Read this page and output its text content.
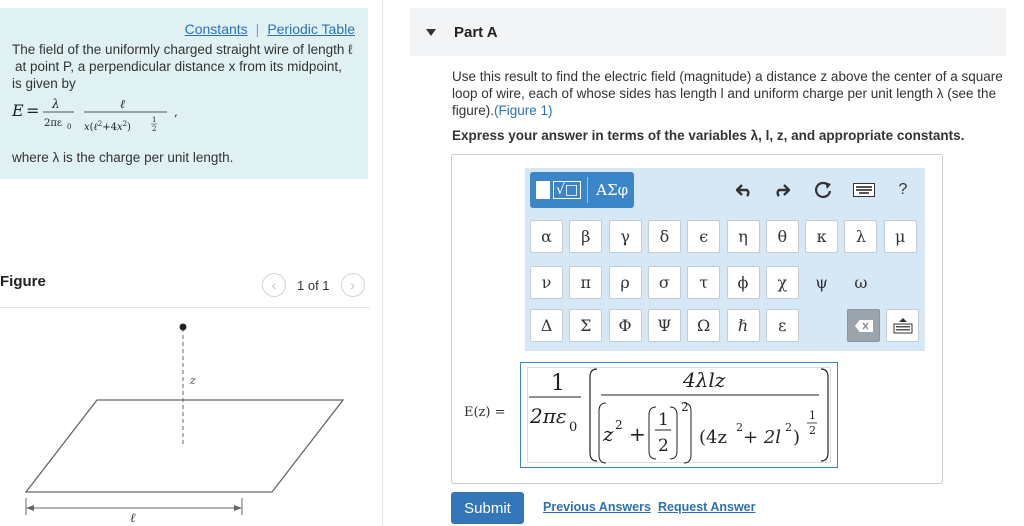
Constants | Periodic Table
The field of the uniformly charged straight wire of length ℓ
at point P, a perpendicular distance x from its midpoint,
is given by
E = λ
2πε 0
ℓ
$x(\ell^2+4x^2)$
1
2
,
where λ is the charge per unit length.
Figure	‹	1 of 1	›
z
ℓ
Part A
Use this result to find the electric field (magnitude) a distance z above the center of a square loop of wire, each of whose sides has length l and uniform charge per unit length λ (see the figure).(Figure 1)
Express your answer in terms of the variables λ, l, z, and appropriate constants.
√□ ΑΣφ	?
α	β	γ	δ	ϵ	η	θ	κ	λ	μ
ν	π	ρ	σ	τ	ϕ	χ	ψ	ω
Δ	Σ	Φ	Ψ	Ω	ℏ	ε
E(z) =
1
2πε 0
4λlz
z 2 +
1
2
2
(4z 2 + 2l 2 )
1
2
Submit	Previous Answers Request Answer
